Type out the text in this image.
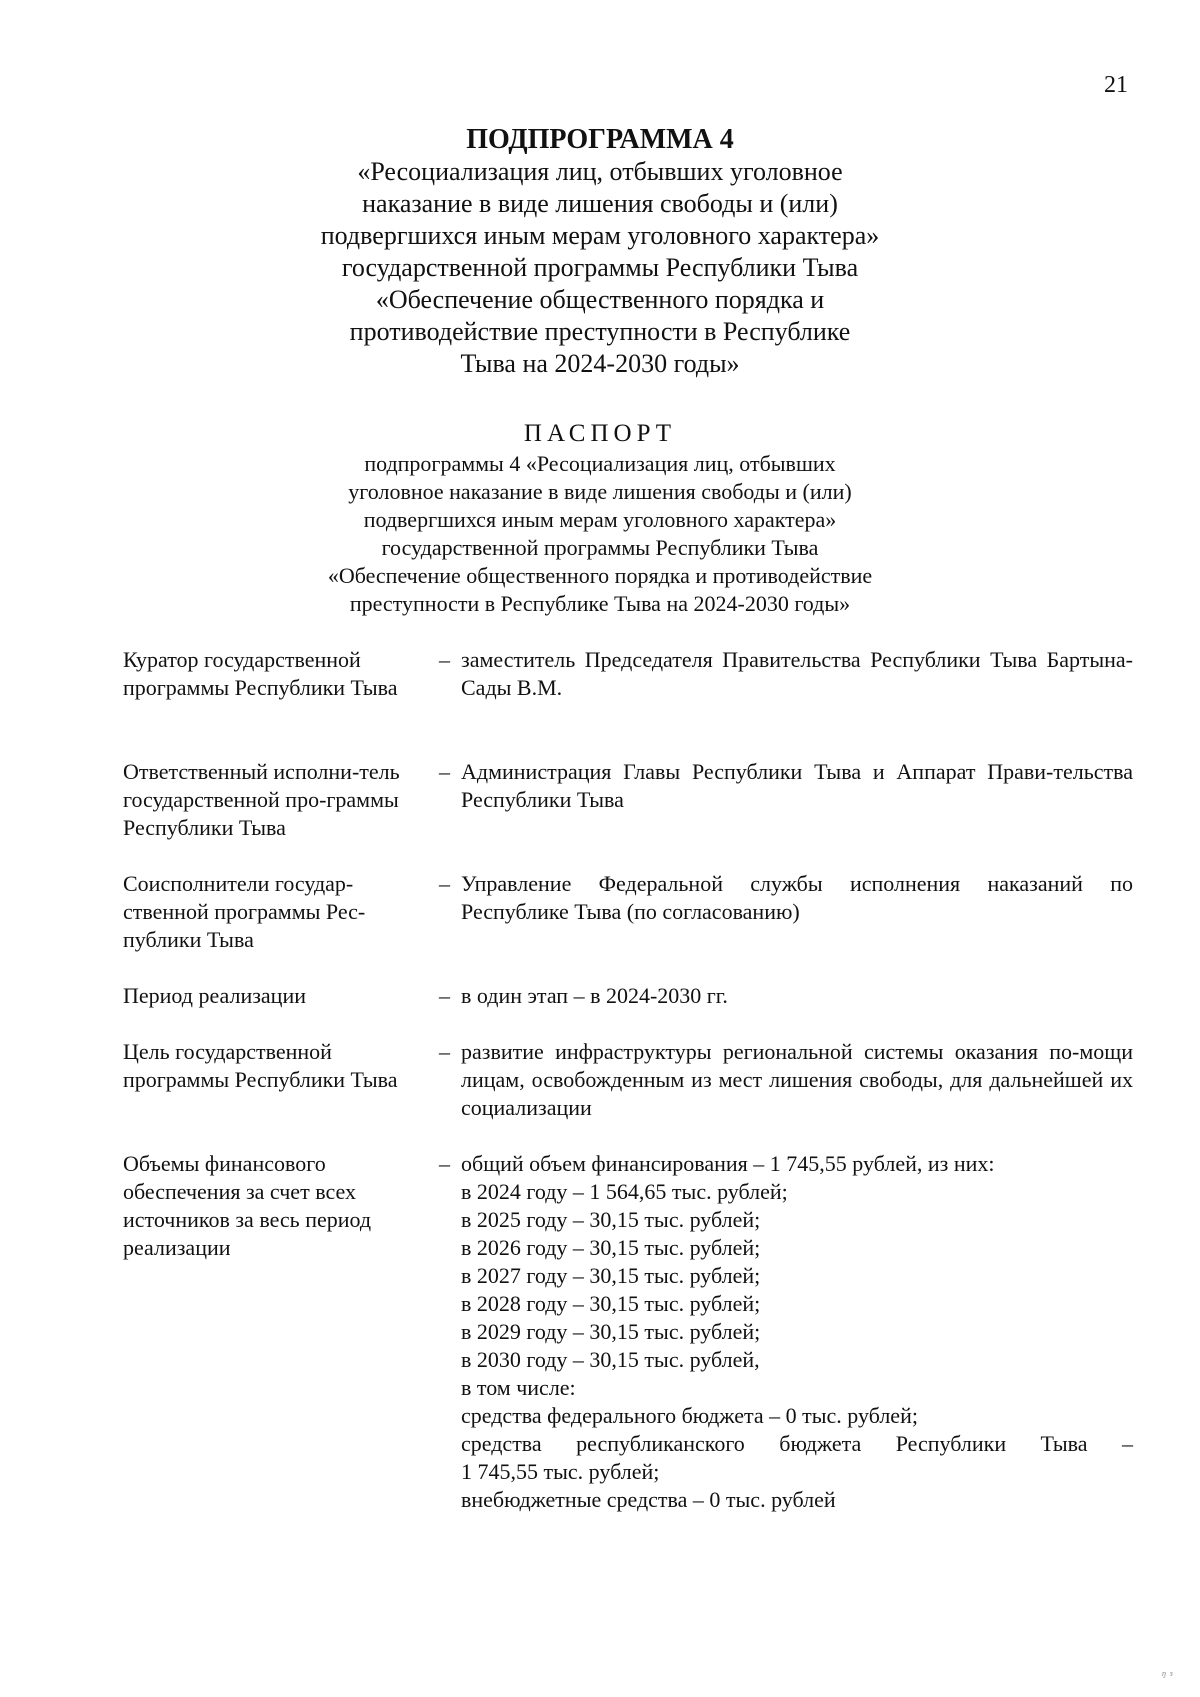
21

ПОДПРОГРАММА 4

«Ресоциализация лиц, отбывших уголовное

наказание в виде лишения свободы и (или)

подвергшихся иным мерам уголовного характера»

государственной программы Республики Тыва

«Обеспечение общественного порядка и

противодействие преступности в Республике

Тыва на 2024-2030 годы»

ПАСПОРТ

подпрограммы 4 «Ресоциализация лиц, отбывших

уголовное наказание в виде лишения свободы и (или)

подвергшихся иным мерам уголовного характера»

государственной программы Республики Тыва

«Обеспечение общественного порядка и противодействие

преступности в Республике Тыва на 2024-2030 годы»

Куратор государственной программы Республики Тыва
– заместитель Председателя Правительства Республики Тыва Бартына-Сады В.М.
Ответственный исполни-тель государственной про-граммы Республики Тыва
– Администрация Главы Республики Тыва и Аппарат Прави-тельства Республики Тыва
Соисполнители государ-ственной программы Рес-публики Тыва
– Управление Федеральной службы исполнения наказаний по Республике Тыва (по согласованию)
Период реализации	– в один этап – в 2024-2030 гг.
Цель государственной программы Республики Тыва
– развитие инфраструктуры региональной системы оказания по-мощи лицам, освобожденным из мест лишения свободы, для дальнейшей их социализации
Объемы финансового обеспечения за счет всех источников за весь период реализации
– общий объем финансирования – 1 745,55 рублей, из них:
в 2024 году – 1 564,65 тыс. рублей;
в 2025 году – 30,15 тыс. рублей;
в 2026 году – 30,15 тыс. рублей;
в 2027 году – 30,15 тыс. рублей;
в 2028 году – 30,15 тыс. рублей;
в 2029 году – 30,15 тыс. рублей;
в 2030 году – 30,15 тыс. рублей,
в том числе:
средства федерального бюджета – 0 тыс. рублей;
средства республиканского бюджета Республики Тыва –
1 745,55 тыс. рублей;
внебюджетные средства – 0 тыс. рублей
ᵑ ᶟ
